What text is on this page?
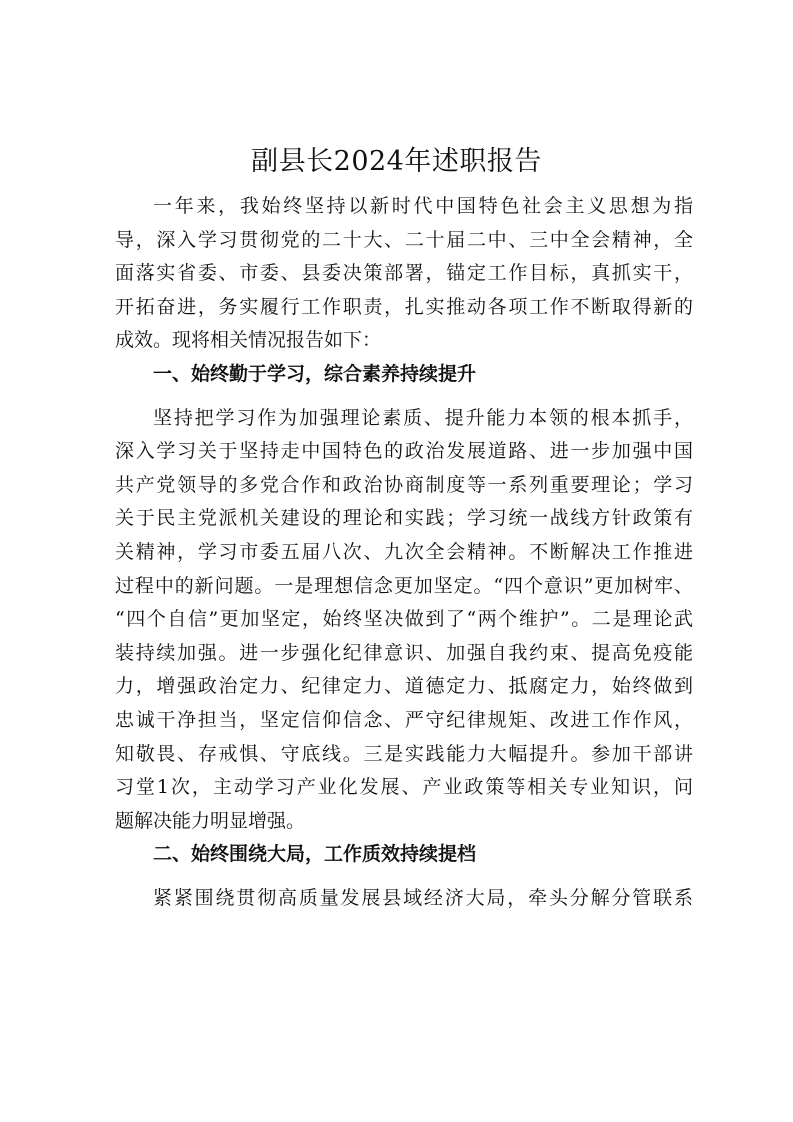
副县长2024年述职报告
一年来，我始终坚持以新时代中国特色社会主义思想为指
导，深入学习贯彻党的二十大、二十届二中、三中全会精神，全
面落实省委、市委、县委决策部署，锚定工作目标，真抓实干，
开拓奋进，务实履行工作职责，扎实推动各项工作不断取得新的
成效。现将相关情况报告如下：
一、始终勤于学习，综合素养持续提升
坚持把学习作为加强理论素质、提升能力本领的根本抓手，
深入学习关于坚持走中国特色的政治发展道路、进一步加强中国
共产党领导的多党合作和政治协商制度等一系列重要理论；学习
关于民主党派机关建设的理论和实践；学习统一战线方针政策有
关精神，学习市委五届八次、九次全会精神。不断解决工作推进
过程中的新问题。一是理想信念更加坚定。“四个意识”更加树牢、
“四个自信”更加坚定，始终坚决做到了“两个维护”。二是理论武
装持续加强。进一步强化纪律意识、加强自我约束、提高免疫能
力，增强政治定力、纪律定力、道德定力、抵腐定力，始终做到
忠诚干净担当，坚定信仰信念、严守纪律规矩、改进工作作风，
知敬畏、存戒惧、守底线。三是实践能力大幅提升。参加干部讲
习堂1次，主动学习产业化发展、产业政策等相关专业知识，问
题解决能力明显增强。
二、始终围绕大局，工作质效持续提档
紧紧围绕贯彻高质量发展县域经济大局，牵头分解分管联系
